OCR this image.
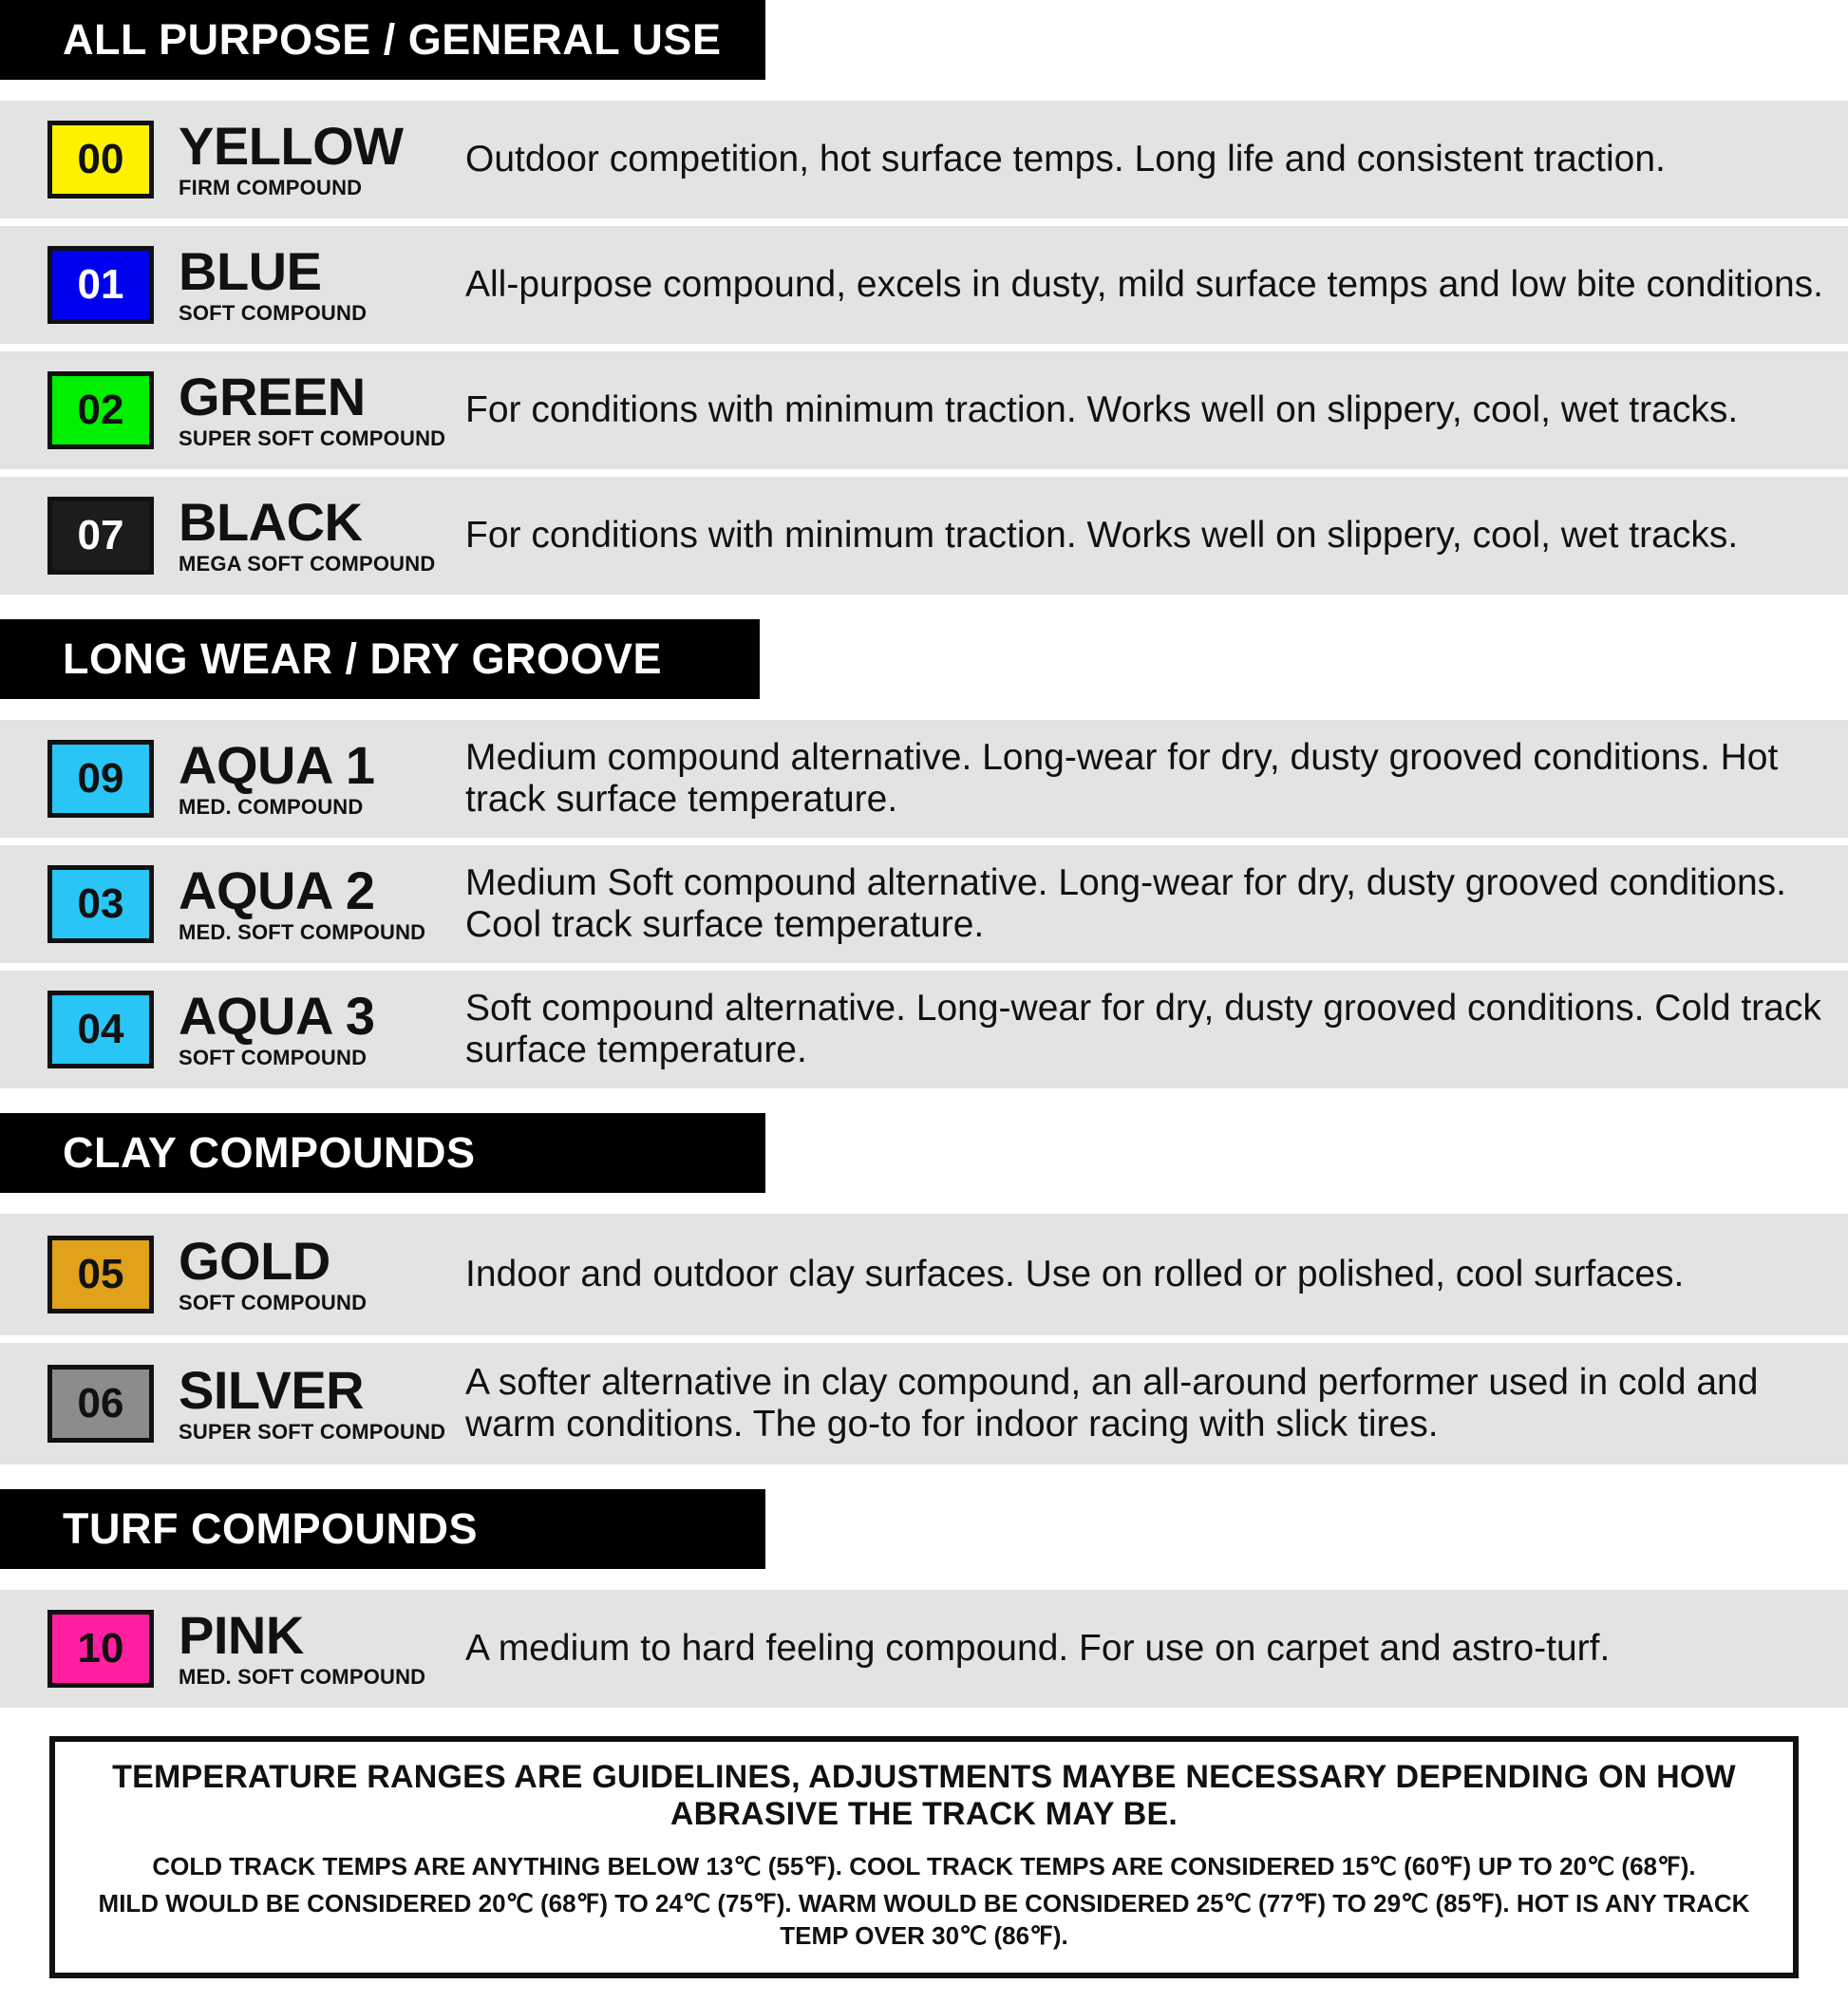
ALL PURPOSE / GENERAL USE
00 YELLOW
FIRM COMPOUND
Outdoor competition, hot surface temps. Long life and consistent traction.
01 BLUE
SOFT COMPOUND
All-purpose compound, excels in dusty, mild surface temps and low bite conditions.
02 GREEN
SUPER SOFT COMPOUND
For conditions with minimum traction. Works well on slippery, cool, wet tracks.
07 BLACK
MEGA SOFT COMPOUND
For conditions with minimum traction. Works well on slippery, cool, wet tracks.
LONG WEAR / DRY GROOVE
09 AQUA 1
MED. COMPOUND
Medium compound alternative. Long-wear for dry, dusty grooved conditions. Hot track surface temperature.
03 AQUA 2
MED. SOFT COMPOUND
Medium Soft compound alternative. Long-wear for dry, dusty grooved conditions. Cool track surface temperature.
04 AQUA 3
SOFT COMPOUND
Soft compound alternative. Long-wear for dry, dusty grooved conditions. Cold track surface temperature.
CLAY COMPOUNDS
05 GOLD
SOFT COMPOUND
Indoor and outdoor clay surfaces. Use on rolled or polished, cool surfaces.
06 SILVER
SUPER SOFT COMPOUND
A softer alternative in clay compound, an all-around performer used in cold and warm conditions. The go-to for indoor racing with slick tires.
TURF COMPOUNDS
10 PINK
MED. SOFT COMPOUND
A medium to hard feeling compound. For use on carpet and astro-turf.
TEMPERATURE RANGES ARE GUIDELINES, ADJUSTMENTS MAYBE NECESSARY DEPENDING ON HOW ABRASIVE THE TRACK MAY BE.
COLD TRACK TEMPS ARE ANYTHING BELOW 13℃ (55℉). COOL TRACK TEMPS ARE CONSIDERED 15℃ (60℉) UP TO 20℃ (68℉).
MILD WOULD BE CONSIDERED 20℃ (68℉) TO 24℃ (75℉). WARM WOULD BE CONSIDERED 25℃ (77℉) TO 29℃ (85℉). HOT IS ANY TRACK TEMP OVER 30℃ (86℉).
